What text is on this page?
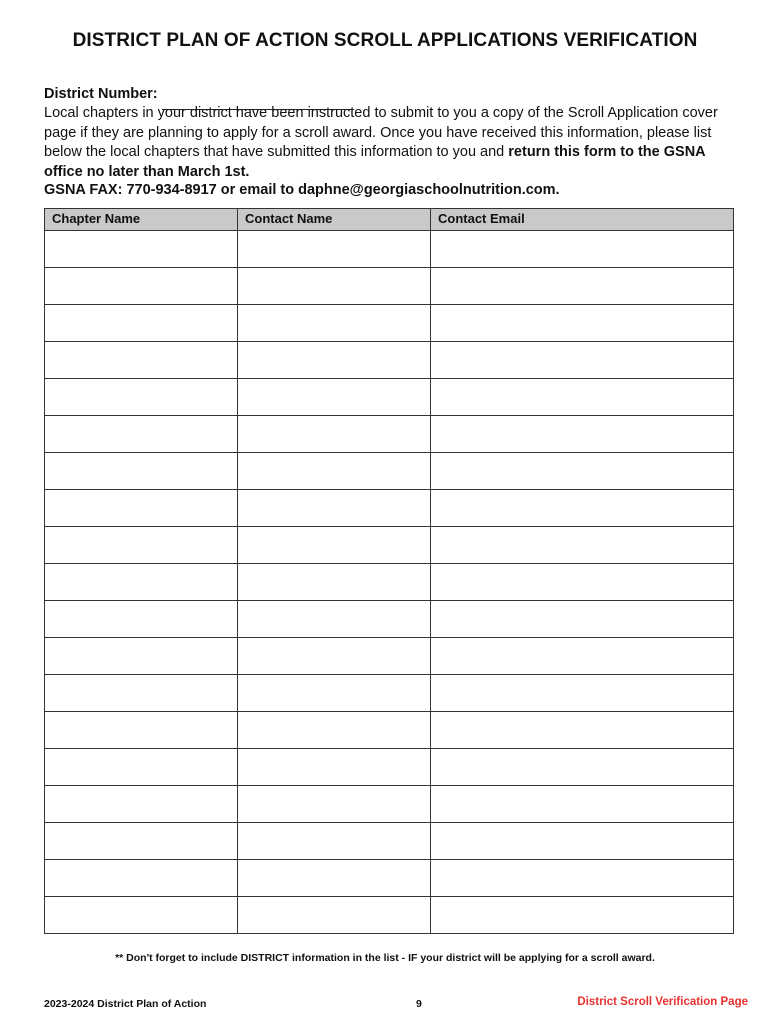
DISTRICT PLAN OF ACTION SCROLL APPLICATIONS VERIFICATION
District Number:
Local chapters in your district have been instructed to submit to you a copy of the Scroll Application cover page if they are planning to apply for a scroll award. Once you have received this information, please list below the local chapters that have submitted this information to you and return this form to the GSNA office no later than March 1st.
GSNA FAX: 770-934-8917 or email to daphne@georgiaschoolnutrition.com.
Chapter Name	Contact Name	Contact Email

** Don't forget to include DISTRICT information in the list - IF your district will be applying for a scroll award.
2023-2024 District Plan of Action	9	District Scroll Verification Page
